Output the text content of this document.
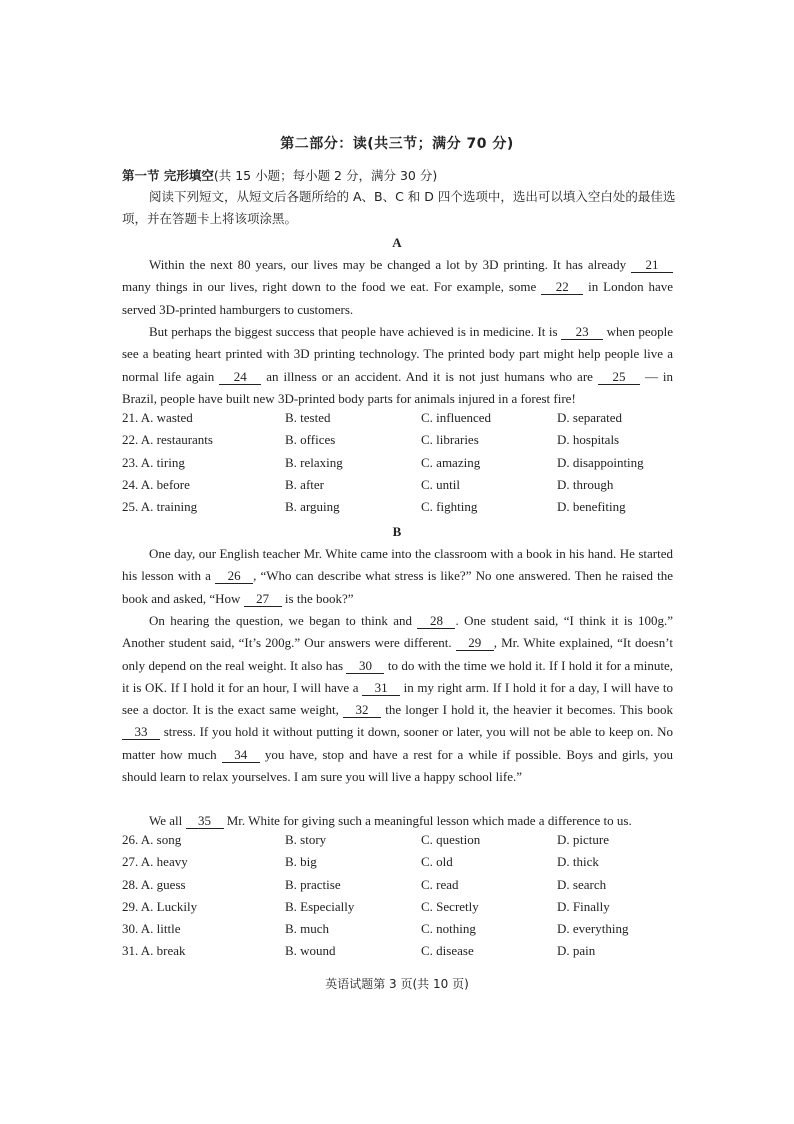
第二部分：读(共三节；满分 70 分)
第一节 完形填空(共 15 小题；每小题 2 分，满分 30 分)
阅读下列短文，从短文后各题所给的 A、B、C 和 D 四个选项中，选出可以填入空白处的最佳选项，并在答题卡上将该项涂黑。
A
Within the next 80 years, our lives may be changed a lot by 3D printing. It has already 21 many things in our lives, right down to the food we eat. For example, some 22 in London have served 3D-printed hamburgers to customers.
But perhaps the biggest success that people have achieved is in medicine. It is 23 when people see a beating heart printed with 3D printing technology. The printed body part might help people live a normal life again 24 an illness or an accident. And it is not just humans who are 25 — in Brazil, people have built new 3D-printed body parts for animals injured in a forest fire!
21. A. wasted	B. tested	C. influenced	D. separated
22. A. restaurants	B. offices	C. libraries	D. hospitals
23. A. tiring	B. relaxing	C. amazing	D. disappointing
24. A. before	B. after	C. until	D. through
25. A. training	B. arguing	C. fighting	D. benefiting
B
One day, our English teacher Mr. White came into the classroom with a book in his hand. He started his lesson with a 26 , “Who can describe what stress is like?” No one answered. Then he raised the book and asked, “How 27 is the book?”
On hearing the question, we began to think and 28 . One student said, “I think it is 100g.” Another student said, “It’s 200g.” Our answers were different. 29 , Mr. White explained, “It doesn’t only depend on the real weight. It also has 30 to do with the time we hold it. If I hold it for a minute, it is OK. If I hold it for an hour, I will have a 31 in my right arm. If I hold it for a day, I will have to see a doctor. It is the exact same weight, 32 the longer I hold it, the heavier it becomes. This book 33 stress. If you hold it without putting it down, sooner or later, you will not be able to keep on. No matter how much 34 you have, stop and have a rest for a while if possible. Boys and girls, you should learn to relax yourselves. I am sure you will live a happy school life.”
We all 35 Mr. White for giving such a meaningful lesson which made a difference to us.
26. A. song	B. story	C. question	D. picture
27. A. heavy	B. big	C. old	D. thick
28. A. guess	B. practise	C. read	D. search
29. A. Luckily	B. Especially	C. Secretly	D. Finally
30. A. little	B. much	C. nothing	D. everything
31. A. break	B. wound	C. disease	D. pain
英语试题第 3 页(共 10 页)
